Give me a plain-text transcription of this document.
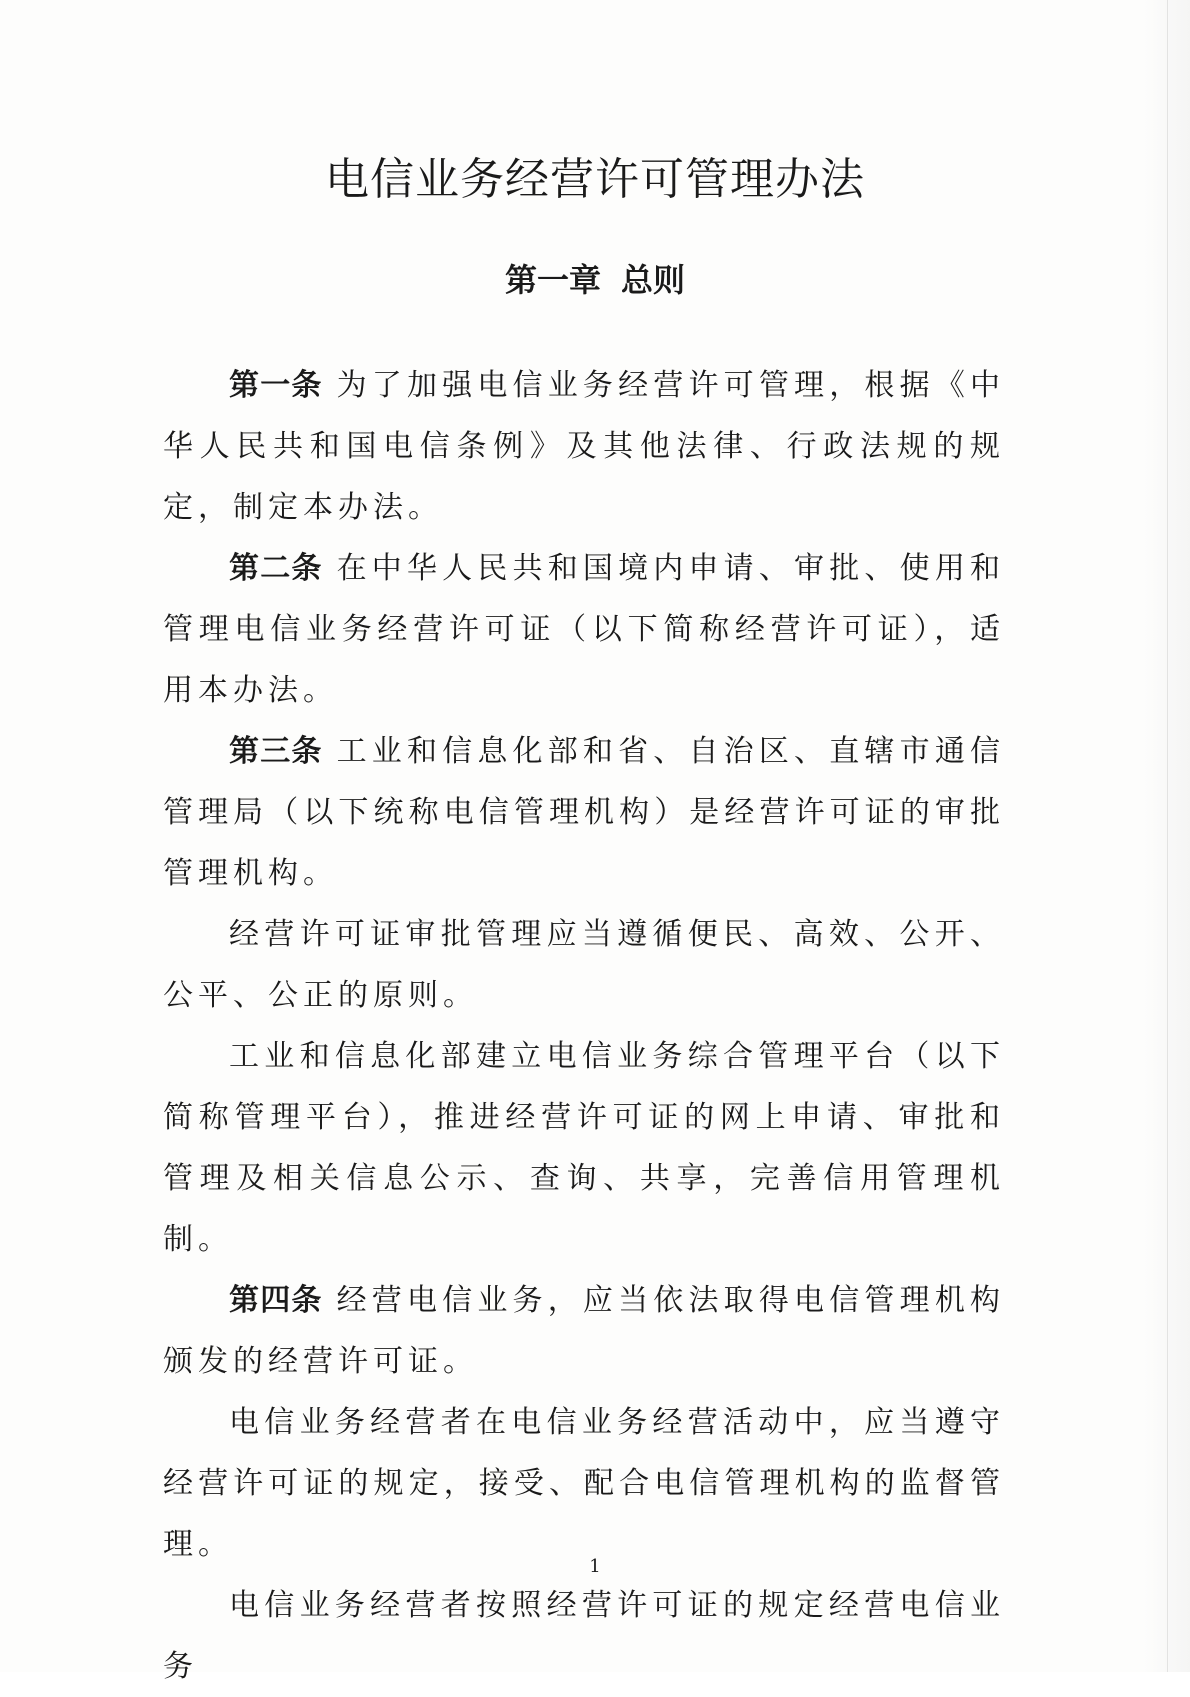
电信业务经营许可管理办法
第一章 总则

第一条 为了加强电信业务经营许可管理，根据《中华人民共和国电信条例》及其他法律、行政法规的规定，制定本办法。

第二条 在中华人民共和国境内申请、审批、使用和管理电信业务经营许可证（以下简称经营许可证），适用本办法。

第三条 工业和信息化部和省、自治区、直辖市通信管理局（以下统称电信管理机构）是经营许可证的审批管理机构。

经营许可证审批管理应当遵循便民、高效、公开、公平、公正的原则。

工业和信息化部建立电信业务综合管理平台（以下简称管理平台），推进经营许可证的网上申请、审批和管理及相关信息公示、查询、共享，完善信用管理机制。

第四条 经营电信业务，应当依法取得电信管理机构颁发的经营许可证。

电信业务经营者在电信业务经营活动中，应当遵守经营许可证的规定，接受、配合电信管理机构的监督管理。

电信业务经营者按照经营许可证的规定经营电信业务

1
